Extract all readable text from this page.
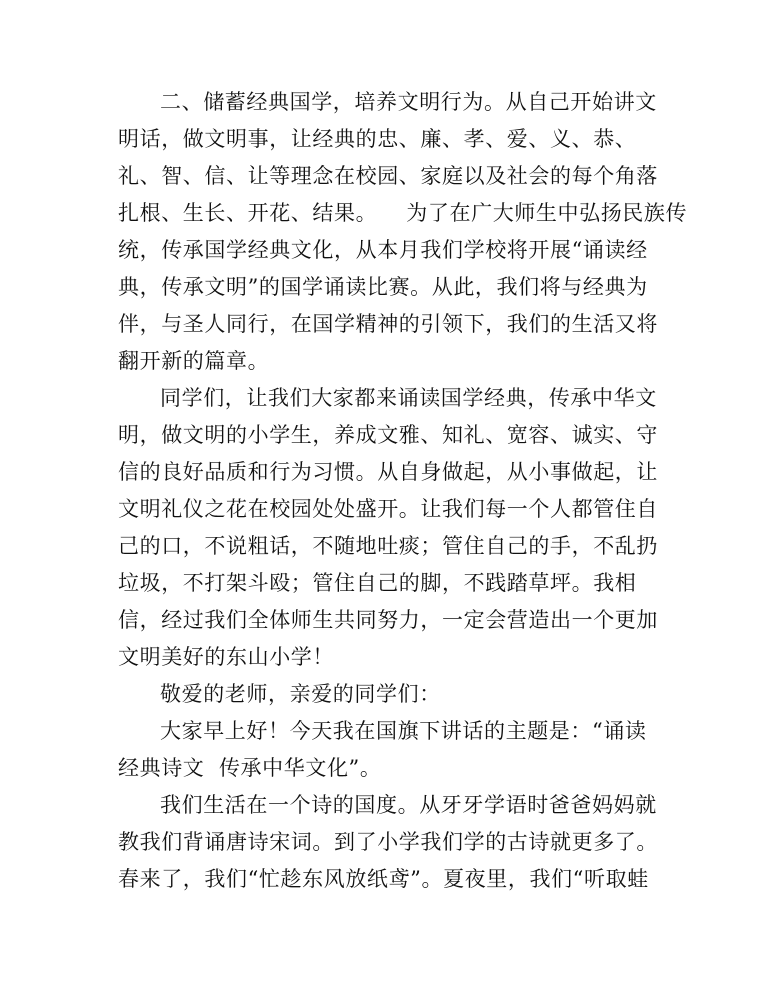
二、储蓄经典国学，培养文明行为。从自己开始讲文
明话，做文明事，让经典的忠、廉、孝、爱、义、恭、
礼、智、信、让等理念在校园、家庭以及社会的每个角落
扎根、生长、开花、结果。    为了在广大师生中弘扬民族传
统，传承国学经典文化，从本月我们学校将开展“诵读经
典，传承文明”的国学诵读比赛。从此，我们将与经典为
伴，与圣人同行，在国学精神的引领下，我们的生活又将
翻开新的篇章。
同学们，让我们大家都来诵读国学经典，传承中华文
明，做文明的小学生，养成文雅、知礼、宽容、诚实、守
信的良好品质和行为习惯。从自身做起，从小事做起，让
文明礼仪之花在校园处处盛开。让我们每一个人都管住自
己的口，不说粗话，不随地吐痰；管住自己的手，不乱扔
垃圾，不打架斗殴；管住自己的脚，不践踏草坪。我相
信，经过我们全体师生共同努力，一定会营造出一个更加
文明美好的东山小学！
敬爱的老师，亲爱的同学们：
大家早上好！今天我在国旗下讲话的主题是：“诵读
经典诗文  传承中华文化”。
我们生活在一个诗的国度。从牙牙学语时爸爸妈妈就
教我们背诵唐诗宋词。到了小学我们学的古诗就更多了。
春来了，我们“忙趁东风放纸鸢”。夏夜里，我们“听取蛙
